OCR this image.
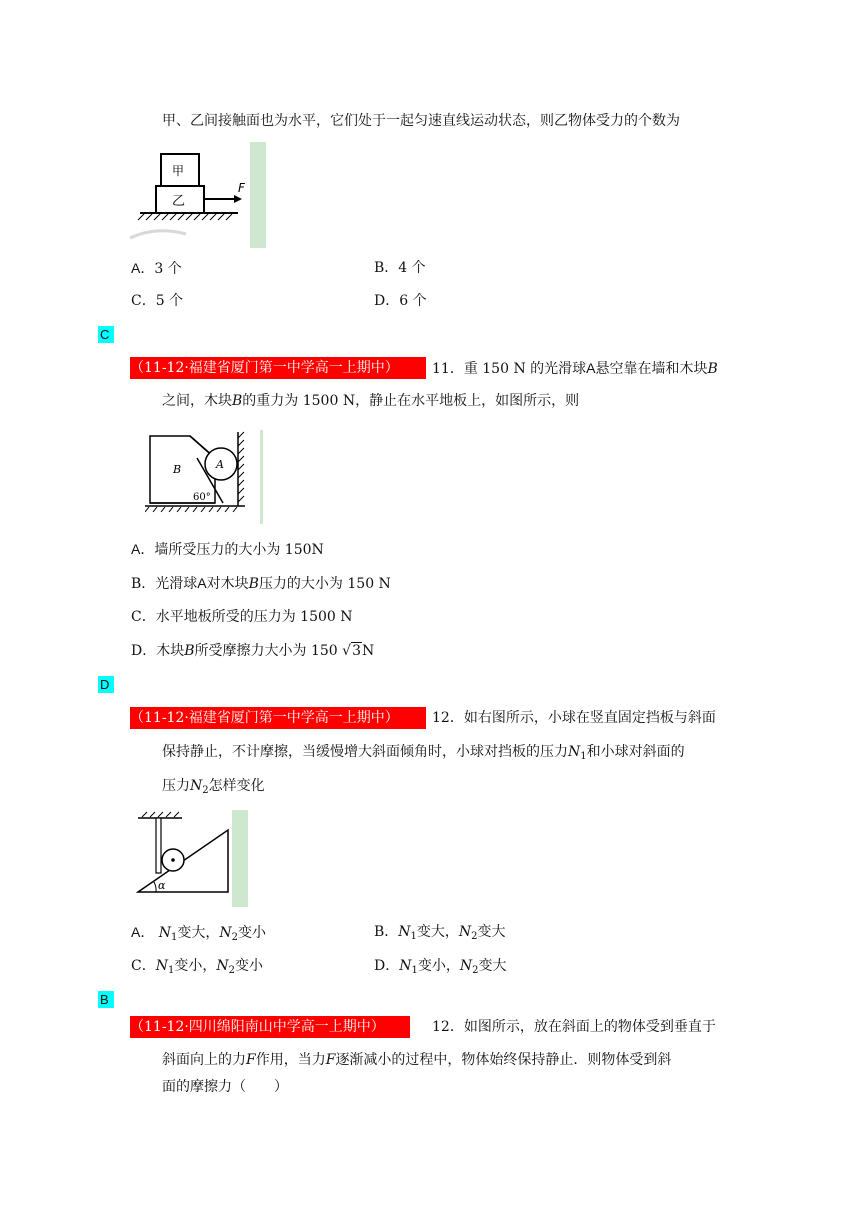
甲、乙间接触面也为水平，它们处于一起匀速直线运动状态，则乙物体受力的个数为
甲
乙
F
A．3 个	B．4 个
C．5 个	D．6 个
C
（11-12·福建省厦门第一中学高一上期中）	11．重 150 N 的光滑球A悬空靠在墙和木块B
之间，木块B的重力为 1500 N，静止在水平地板上，如图所示，则
B	A
60°
A．墙所受压力的大小为 150N
B．光滑球A对木块B压力的大小为 150 N
C．水平地板所受的压力为 1500 N
D．木块B所受摩擦力大小为 150 √3N
D
（11-12·福建省厦门第一中学高一上期中）	12．如右图所示，小球在竖直固定挡板与斜面
保持静止，不计摩擦，当缓慢增大斜面倾角时，小球对挡板的压力$N_1$和小球对斜面的
压力$N_2$怎样变化
α
A． $N_1$变大，$N_2$变小	B．$N_1$变大，$N_2$变大
C．$N_1$变小，$N_2$变小	D．$N_1$变小，$N_2$变大
B
（11-12·四川绵阳南山中学高一上期中）	12．如图所示，放在斜面上的物体受到垂直于
斜面向上的力F作用，当力F逐渐减小的过程中，物体始终保持静止．则物体受到斜
面的摩擦力（　　）
